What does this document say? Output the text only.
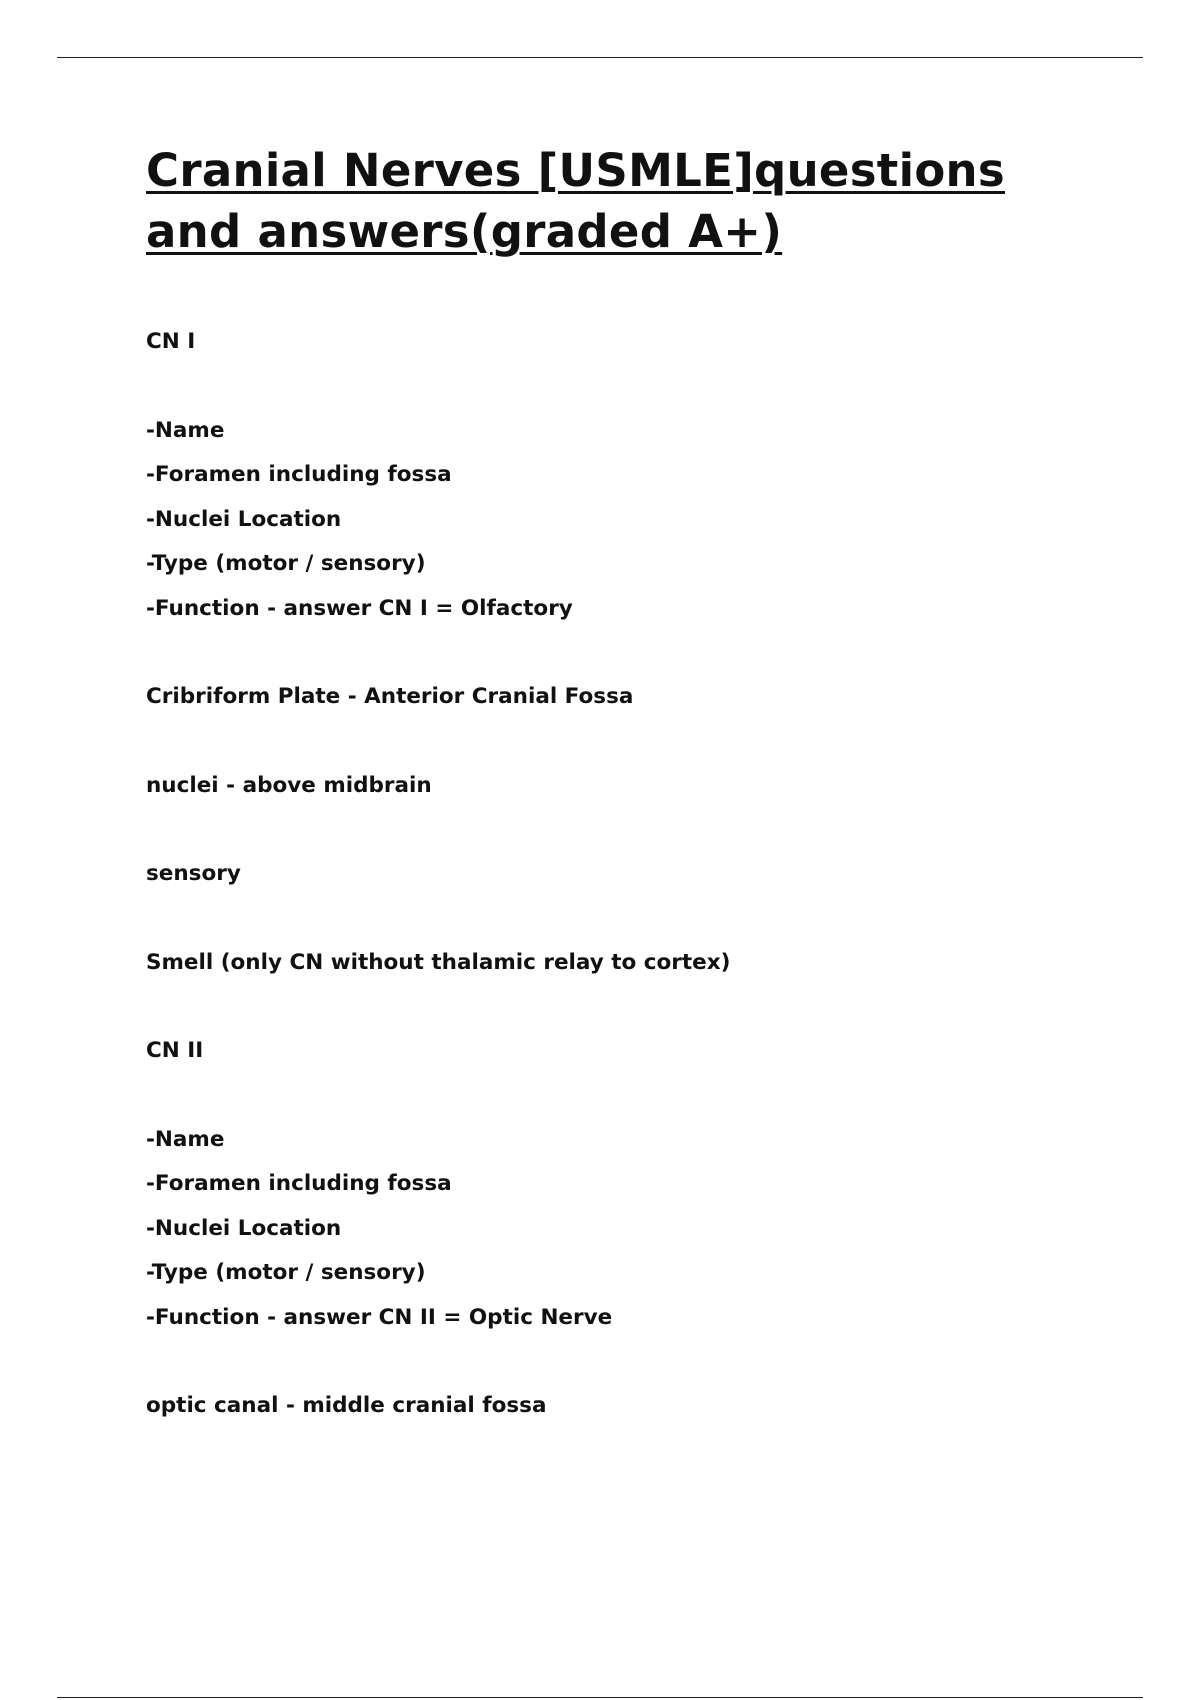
Cranial Nerves [USMLE]questions and answers(graded A+)
CN I
-Name
-Foramen including fossa
-Nuclei Location
-Type (motor / sensory)
-Function - answer CN I = Olfactory
Cribriform Plate - Anterior Cranial Fossa
nuclei - above midbrain
sensory
Smell (only CN without thalamic relay to cortex)
CN II
-Name
-Foramen including fossa
-Nuclei Location
-Type (motor / sensory)
-Function - answer CN II = Optic Nerve
optic canal - middle cranial fossa
